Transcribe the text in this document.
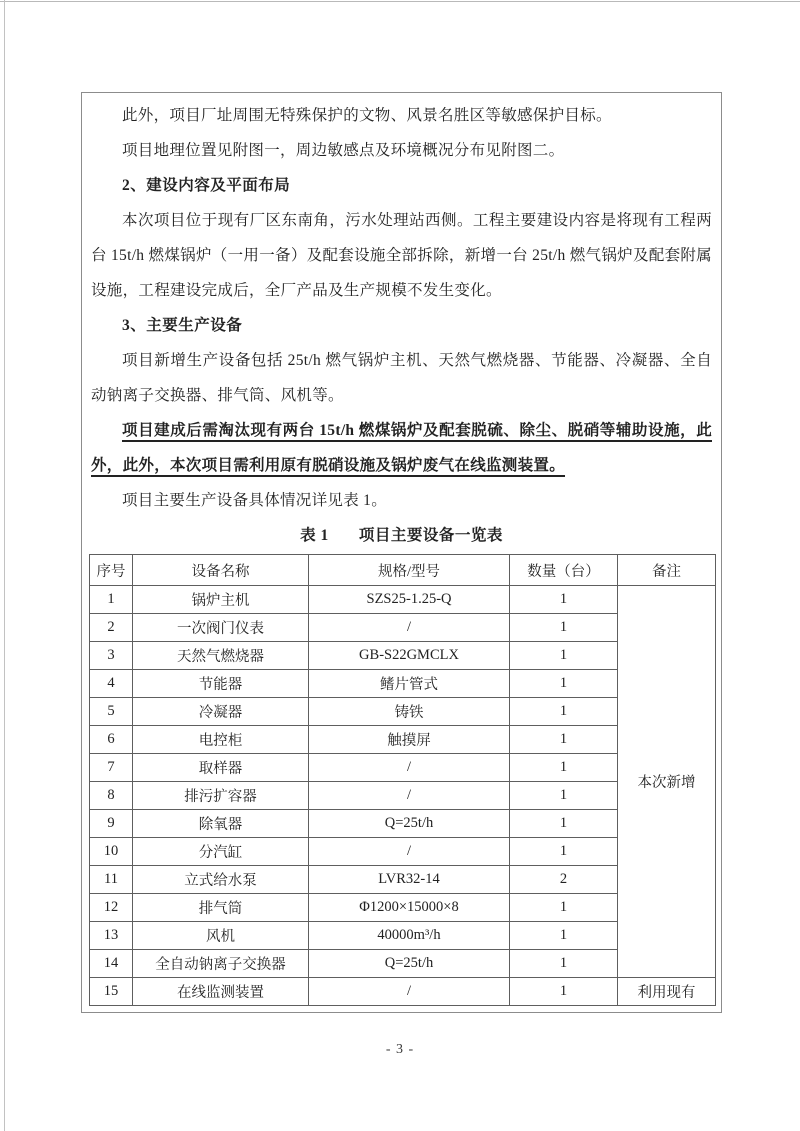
此外，项目厂址周围无特殊保护的文物、风景名胜区等敏感保护目标。

项目地理位置见附图一，周边敏感点及环境概况分布见附图二。

2、建设内容及平面布局

本次项目位于现有厂区东南角，污水处理站西侧。工程主要建设内容是将现有工程两台 15t/h 燃煤锅炉（一用一备）及配套设施全部拆除，新增一台 25t/h 燃气锅炉及配套附属设施，工程建设完成后，全厂产品及生产规模不发生变化。

3、主要生产设备

项目新增生产设备包括 25t/h 燃气锅炉主机、天然气燃烧器、节能器、冷凝器、全自动钠离子交换器、排气筒、风机等。

项目建成后需淘汰现有两台 15t/h 燃煤锅炉及配套脱硫、除尘、脱硝等辅助设施，此外，此外，本次项目需利用原有脱硝设施及锅炉废气在线监测装置。

项目主要生产设备具体情况详见表 1。

表 1 项目主要设备一览表

序号	设备名称	规格/型号	数量（台）	备注
1	锅炉主机	SZS25-1.25-Q	1	本次新增
2	一次阀门仪表	/	1	
3	天然气燃烧器	GB-S22GMCLX	1	
4	节能器	鳍片管式	1	
5	冷凝器	铸铁	1	
6	电控柜	触摸屏	1	
7	取样器	/	1	
8	排污扩容器	/	1	
9	除氧器	Q=25t/h	1	
10	分汽缸	/	1	
11	立式给水泵	LVR32-14	2	
12	排气筒	Φ1200×15000×8	1	
13	风机	40000m³/h	1	
14	全自动钠离子交换器	Q=25t/h	1	
15	在线监测装置	/	1	利用现有
- 3 -
